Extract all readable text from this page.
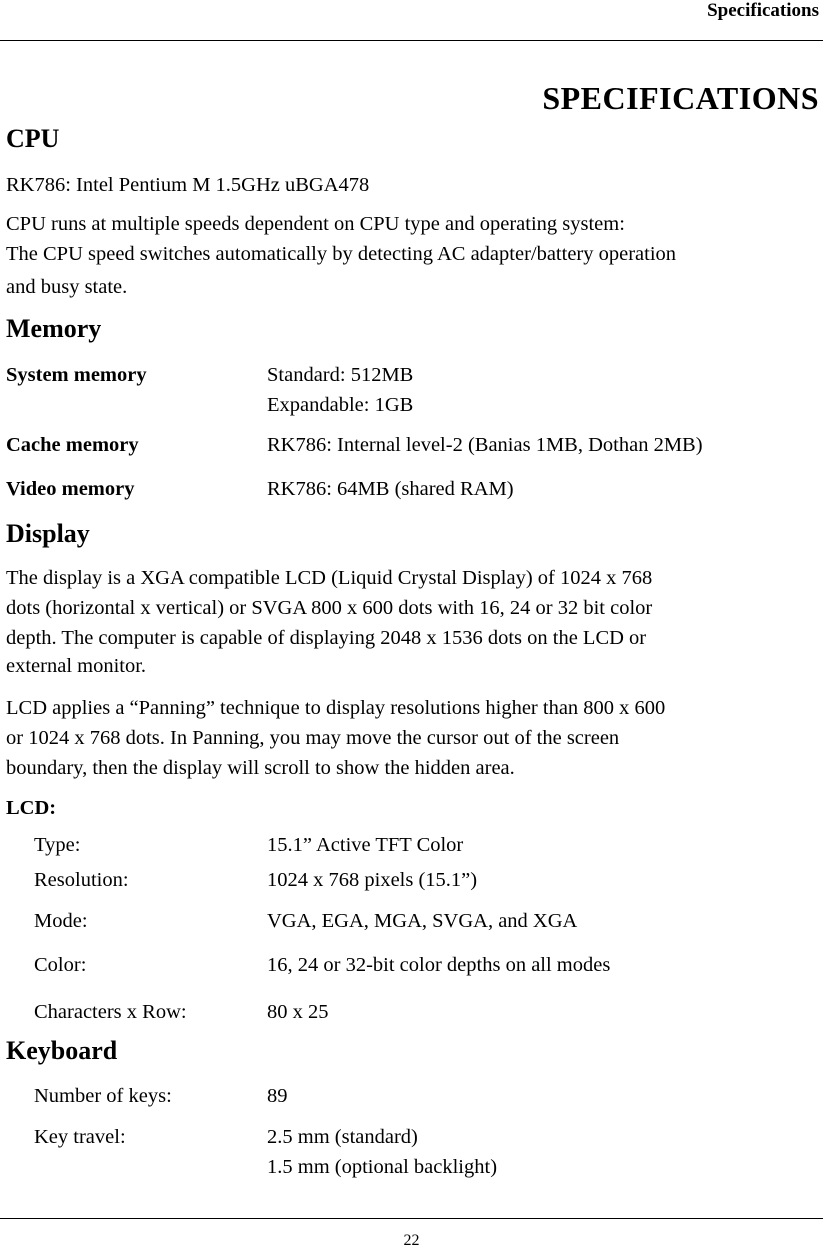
Specifications
SPECIFICATIONS
CPU
RK786: Intel Pentium M 1.5GHz uBGA478
CPU runs at multiple speeds dependent on CPU type and operating system:
The CPU speed switches automatically by detecting AC adapter/battery operation
and busy state.
Memory
System memory	Standard: 512MB
Expandable: 1GB
Cache memory	RK786: Internal level-2 (Banias 1MB, Dothan 2MB)
Video memory	RK786: 64MB (shared RAM)
Display
The display is a XGA compatible LCD (Liquid Crystal Display) of 1024 x 768
dots (horizontal x vertical) or SVGA 800 x 600 dots with 16, 24 or 32 bit color
depth. The computer is capable of displaying 2048 x 1536 dots on the LCD or
external monitor.
LCD applies a “Panning” technique to display resolutions higher than 800 x 600
or 1024 x 768 dots. In Panning, you may move the cursor out of the screen
boundary, then the display will scroll to show the hidden area.
LCD:
Type:	15.1” Active TFT Color
Resolution:	1024 x 768 pixels (15.1”)
Mode:	VGA, EGA, MGA, SVGA, and XGA
Color:	16, 24 or 32-bit color depths on all modes
Characters x Row:	80 x 25
Keyboard
Number of keys:	89
Key travel:	2.5 mm (standard)
1.5 mm (optional backlight)
22
